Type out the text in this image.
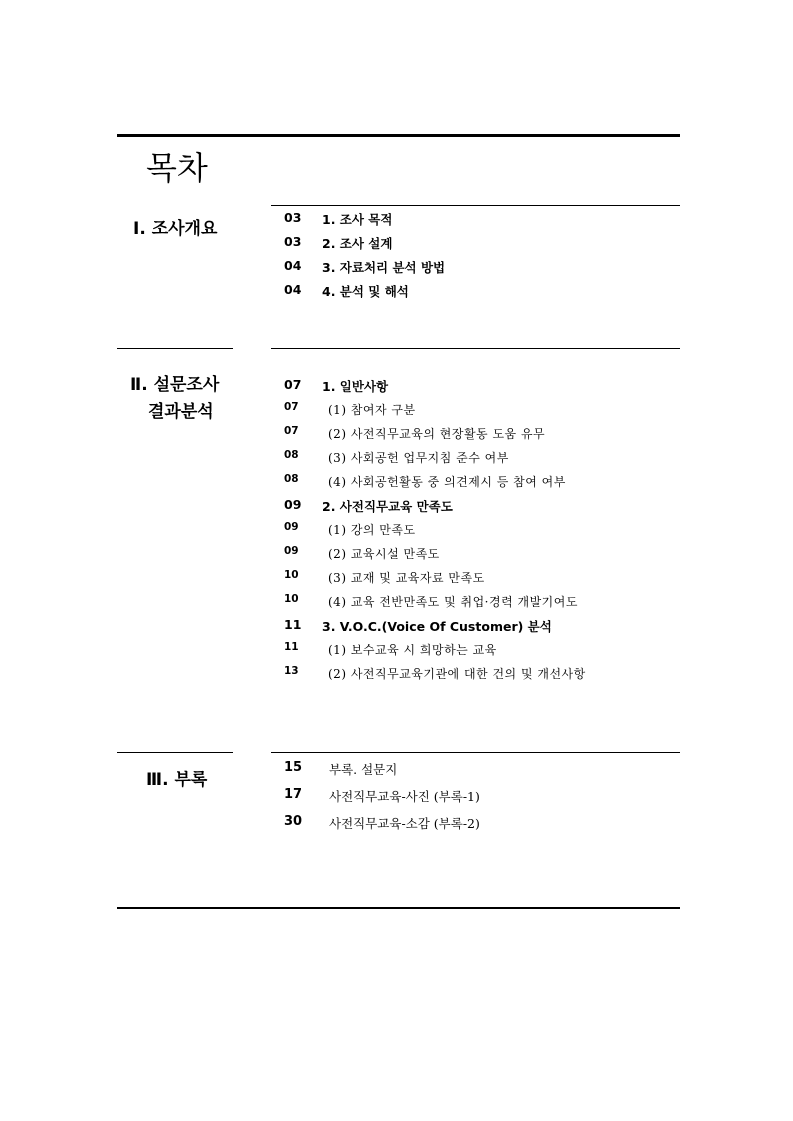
목차
Ⅰ. 조사개요
03	1. 조사 목적
03	2. 조사 설계
04	3. 자료처리 분석 방법
04	4. 분석 및 해석
Ⅱ. 설문조사
결과분석
07	1. 일반사항
07	(1) 참여자 구분
07	(2) 사전직무교육의 현장활동 도움 유무
08	(3) 사회공헌 업무지침 준수 여부
08	(4) 사회공헌활동 중 의견제시 등 참여 여부
09	2. 사전직무교육 만족도
09	(1) 강의 만족도
09	(2) 교육시설 만족도
10	(3) 교재 및 교육자료 만족도
10	(4) 교육 전반만족도 및 취업·경력 개발기여도
11	3. V.O.C.(Voice Of Customer) 분석
11	(1) 보수교육 시 희망하는 교육
13	(2) 사전직무교육기관에 대한 건의 및 개선사항
Ⅲ. 부록
15	부록. 설문지
17	사전직무교육-사진 (부록-1)
30	사전직무교육-소감 (부록-2)
